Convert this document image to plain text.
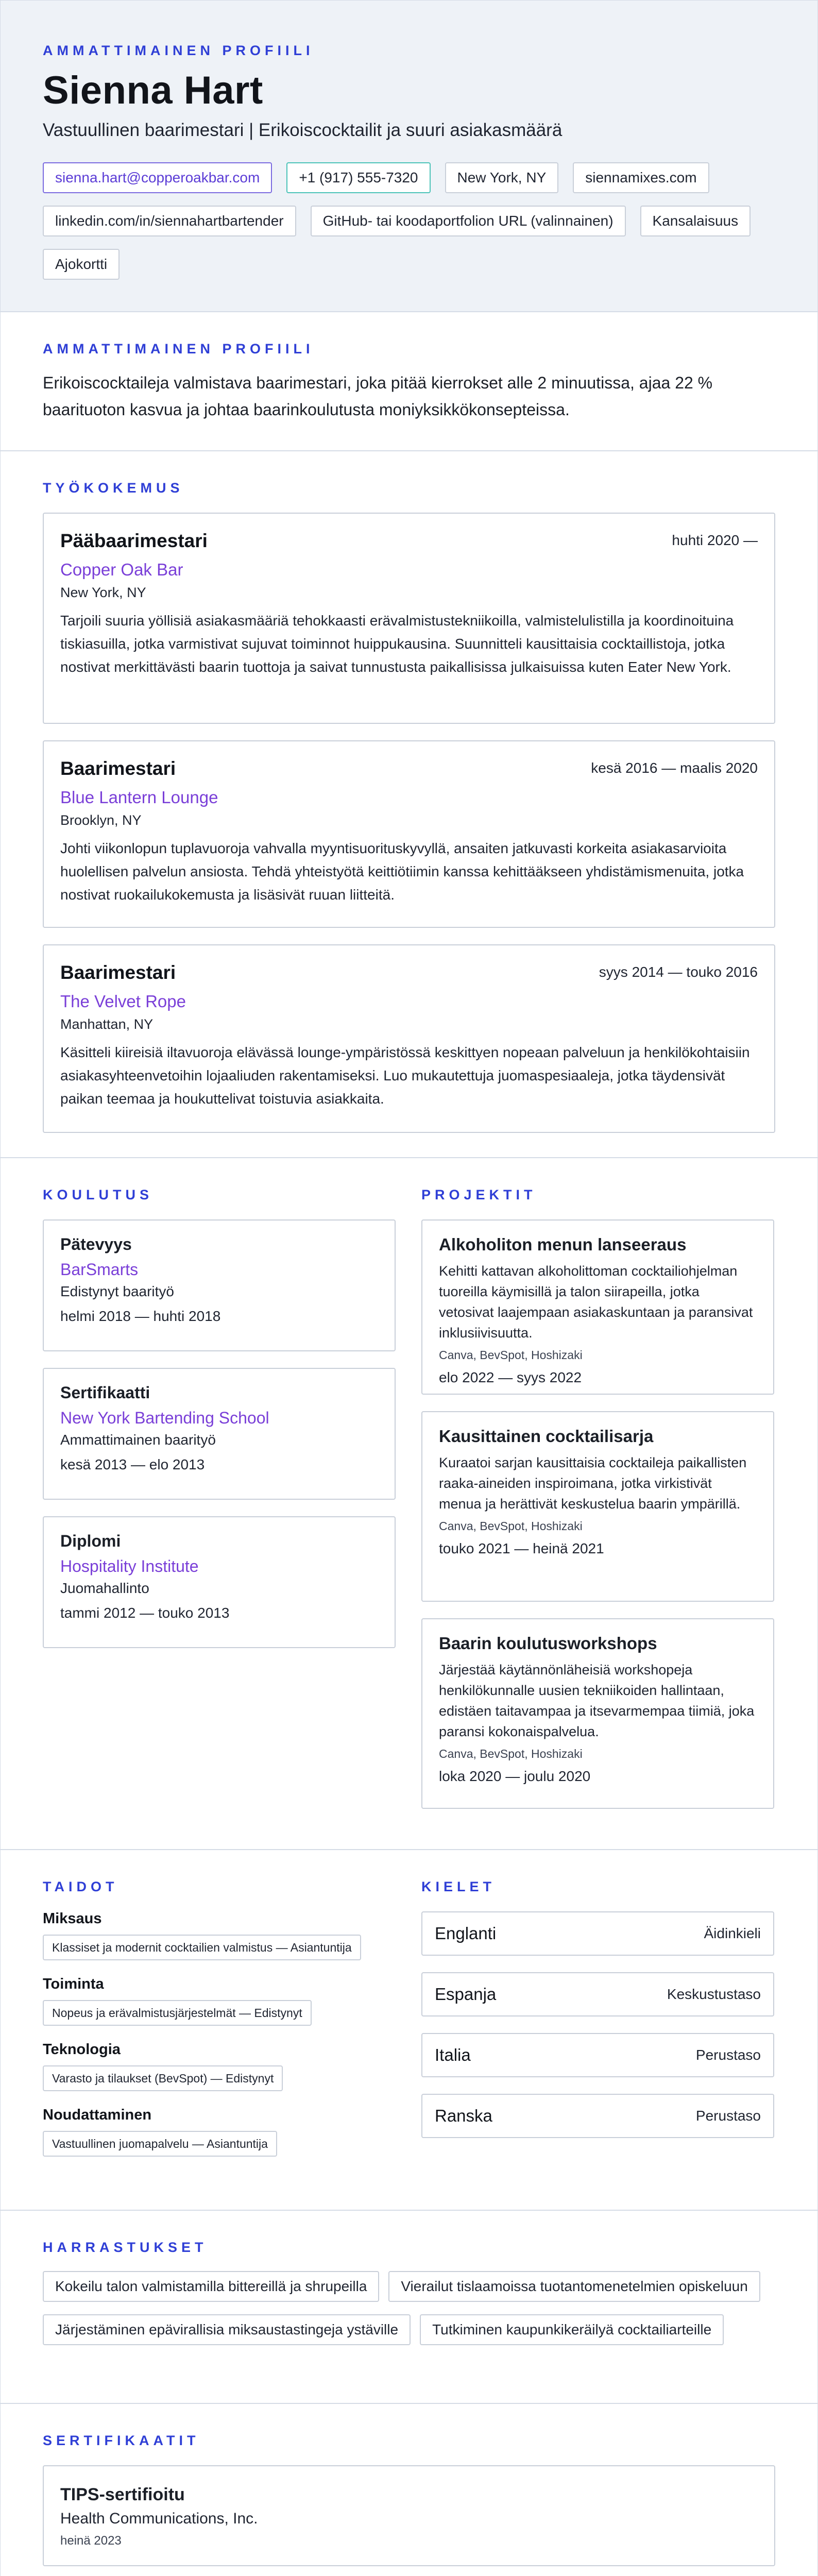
AMMATTIMAINEN PROFIILI
Sienna Hart
Vastuullinen baarimestari | Erikoiscocktailit ja suuri asiakasmäärä
sienna.hart@copperoakbar.com	+1 (917) 555-7320	New York, NY	siennamixes.com
linkedin.com/in/siennahartbartender	GitHub- tai koodaportfolion URL (valinnainen)	Kansalaisuus
Ajokortti
AMMATTIMAINEN PROFIILI
Erikoiscocktaileja valmistava baarimestari, joka pitää kierrokset alle 2 minuutissa, ajaa 22 % baarituoton kasvua ja johtaa baarinkoulutusta moniyksikkökonsepteissa.
TYÖKOKEMUS
Pääbaarimestari	huhti 2020 —
Copper Oak Bar
New York, NY
Tarjoili suuria yöllisiä asiakasmääriä tehokkaasti erävalmistustekniikoilla, valmistelulistilla ja koordinoituina tiskiasuilla, jotka varmistivat sujuvat toiminnot huippukausina. Suunnitteli kausittaisia cocktaillistoja, jotka nostivat merkittävästi baarin tuottoja ja saivat tunnustusta paikallisissa julkaisuissa kuten Eater New York.
Baarimestari	kesä 2016 — maalis 2020
Blue Lantern Lounge
Brooklyn, NY
Johti viikonlopun tuplavuoroja vahvalla myyntisuorituskyvyllä, ansaiten jatkuvasti korkeita asiakasarvioita huolellisen palvelun ansiosta. Tehdä yhteistyötä keittiötiimin kanssa kehittääkseen yhdistämismenuita, jotka nostivat ruokailukokemusta ja lisäsivät ruuan liitteitä.
Baarimestari	syys 2014 — touko 2016
The Velvet Rope
Manhattan, NY
Käsitteli kiireisiä iltavuoroja elävässä lounge-ympäristössä keskittyen nopeaan palveluun ja henkilökohtaisiin asiakasyhteenvetoihin lojaaliuden rakentamiseksi. Luo mukautettuja juomaspesiaaleja, jotka täydensivät paikan teemaa ja houkuttelivat toistuvia asiakkaita.
KOULUTUS
Pätevyys
BarSmarts
Edistynyt baarityö
helmi 2018 — huhti 2018
Sertifikaatti
New York Bartending School
Ammattimainen baarityö
kesä 2013 — elo 2013
Diplomi
Hospitality Institute
Juomahallinto
tammi 2012 — touko 2013
PROJEKTIT
Alkoholiton menun lanseeraus
Kehitti kattavan alkoholittoman cocktailiohjelman tuoreilla käymisillä ja talon siirapeilla, jotka vetosivat laajempaan asiakaskuntaan ja paransivat inklusiivisuutta.
Canva, BevSpot, Hoshizaki
elo 2022 — syys 2022
Kausittainen cocktailisarja
Kuraatoi sarjan kausittaisia cocktaileja paikallisten raaka-aineiden inspiroimana, jotka virkistivät menua ja herättivät keskustelua baarin ympärillä.
Canva, BevSpot, Hoshizaki
touko 2021 — heinä 2021
Baarin koulutusworkshops
Järjestää käytännönläheisiä workshopeja henkilökunnalle uusien tekniikoiden hallintaan, edistäen taitavampaa ja itsevarmempaa tiimiä, joka paransi kokonaispalvelua.
Canva, BevSpot, Hoshizaki
loka 2020 — joulu 2020
TAIDOT
Miksaus
Klassiset ja modernit cocktailien valmistus — Asiantuntija
Toiminta
Nopeus ja erävalmistusjärjestelmät — Edistynyt
Teknologia
Varasto ja tilaukset (BevSpot) — Edistynyt
Noudattaminen
Vastuullinen juomapalvelu — Asiantuntija
KIELET
Englanti	Äidinkieli
Espanja	Keskustustaso
Italia	Perustaso
Ranska	Perustaso
HARRASTUKSET
Kokeilu talon valmistamilla bittereillä ja shrupeilla	Vierailut tislaamoissa tuotantomenetelmien opiskeluun
Järjestäminen epävirallisia miksaustastingeja ystäville	Tutkiminen kaupunkikeräilyä cocktailiarteille
SERTIFIKAATIT
TIPS-sertifioitu
Health Communications, Inc.
heinä 2023
